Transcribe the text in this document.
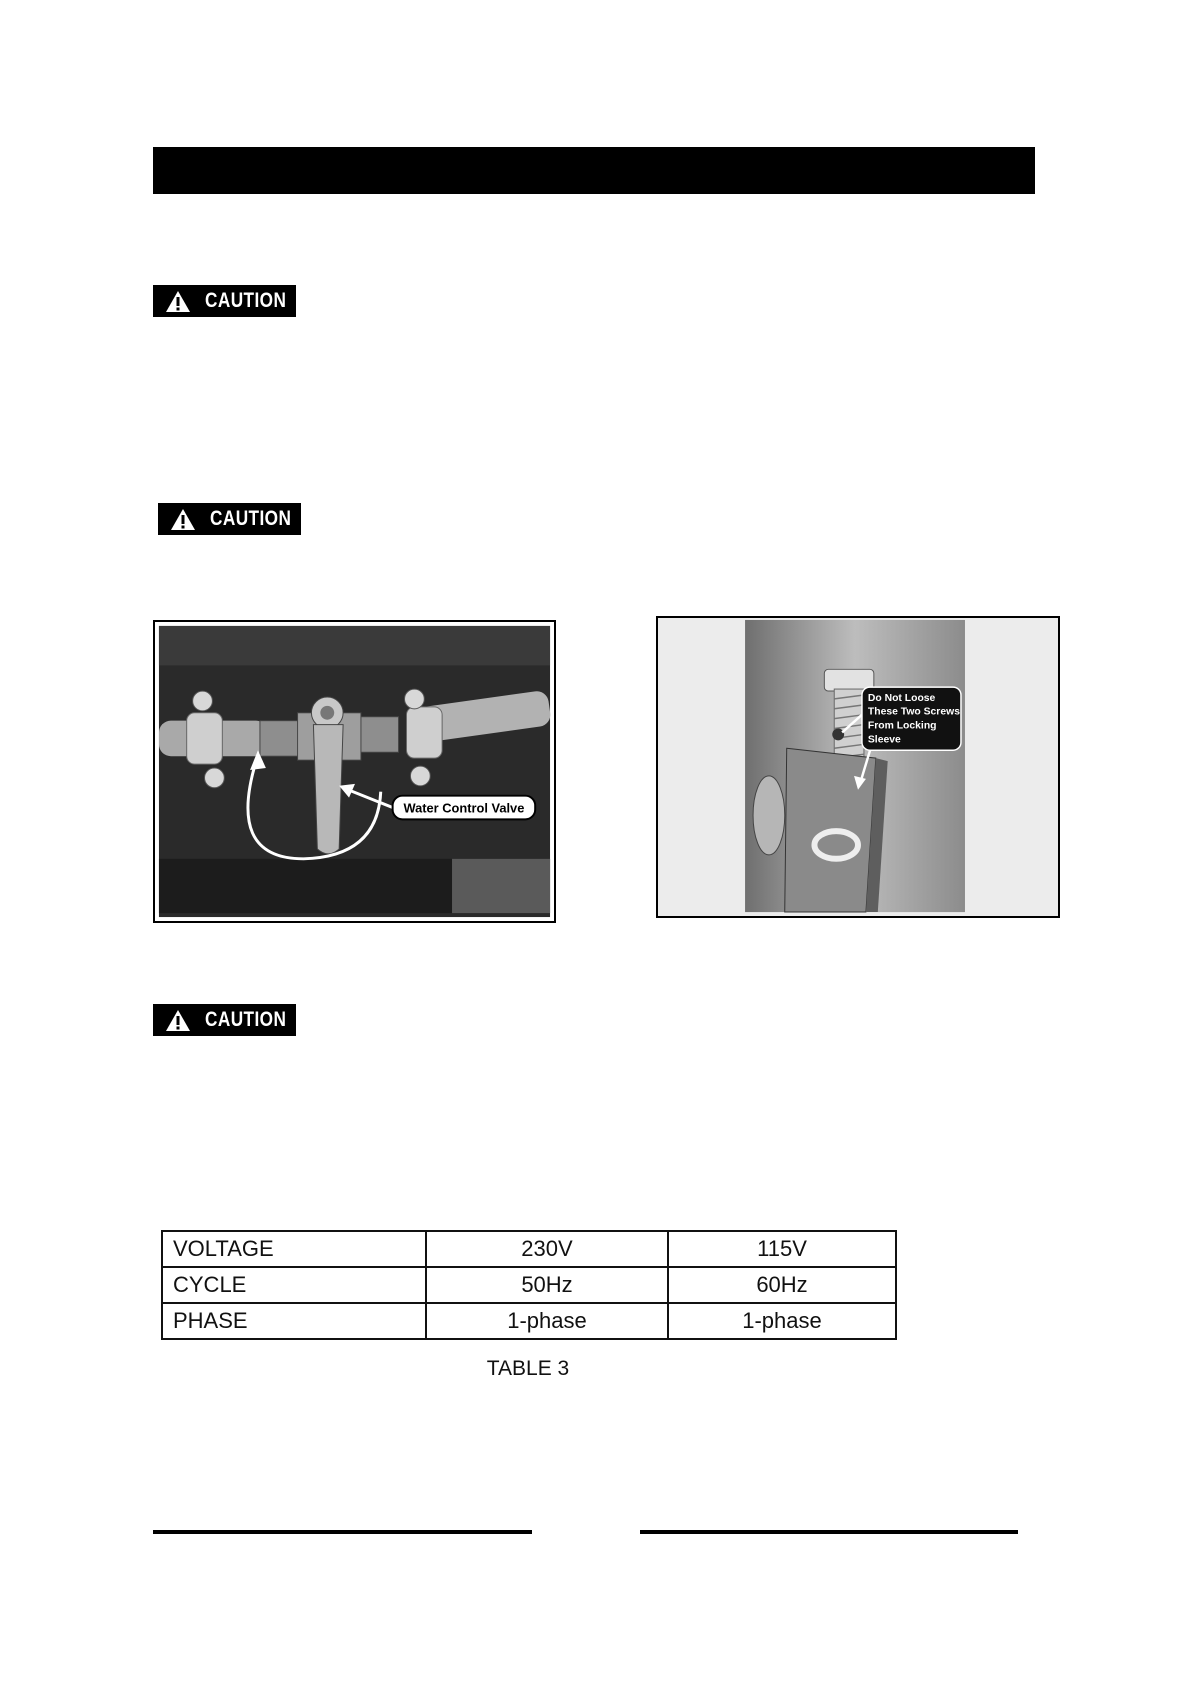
CAUTION
CAUTION
Water Control Valve
Do Not Loose These Two Screws From Locking Sleeve
CAUTION
VOLTAGE	230V	115V
CYCLE	50Hz	60Hz
PHASE	1-phase	1-phase
TABLE 3
